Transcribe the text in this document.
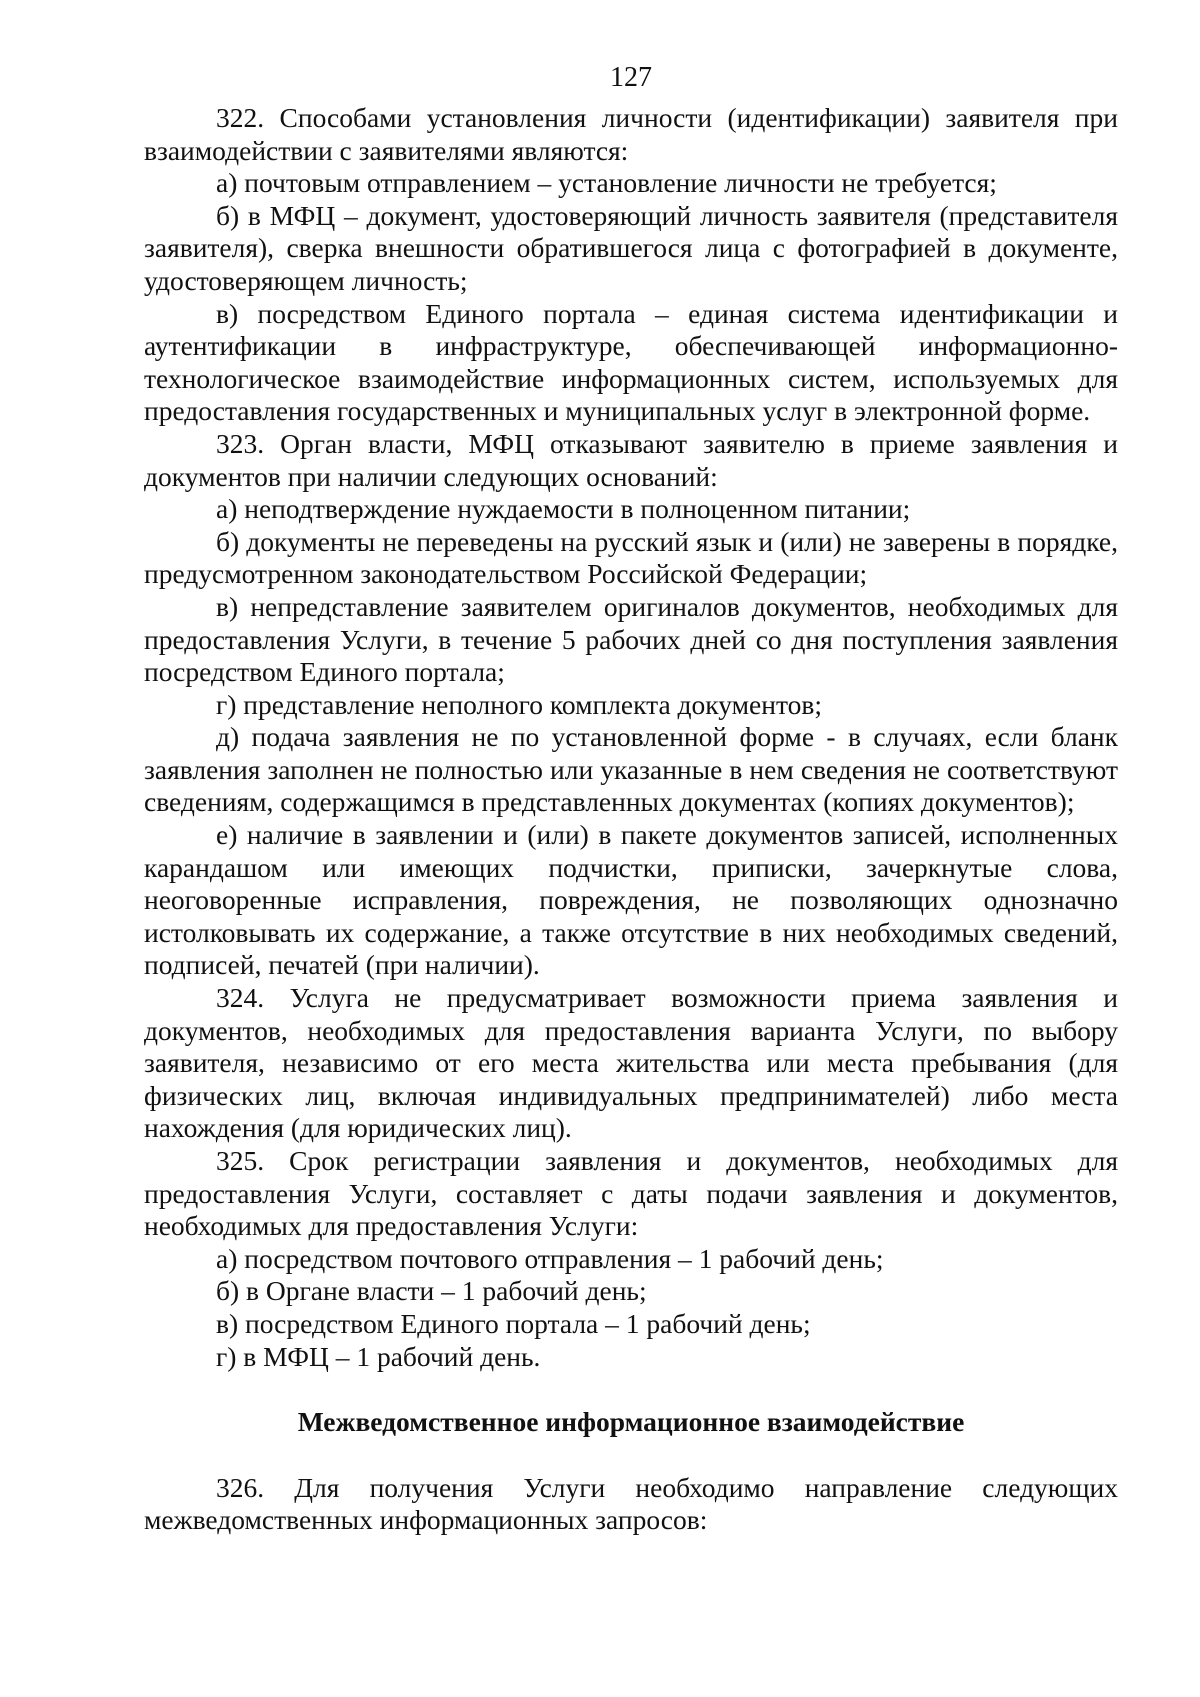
127

322. Способами установления личности (идентификации) заявителя при взаимодействии с заявителями являются:

а) почтовым отправлением – установление личности не требуется;

б) в МФЦ – документ, удостоверяющий личность заявителя (представителя заявителя), сверка внешности обратившегося лица с фотографией в документе, удостоверяющем личность;

в) посредством Единого портала – единая система идентификации и аутентификации в инфраструктуре, обеспечивающей информационно-технологическое взаимодействие информационных систем, используемых для предоставления государственных и муниципальных услуг в электронной форме.

323. Орган власти, МФЦ отказывают заявителю в приеме заявления и документов при наличии следующих оснований:

а) неподтверждение нуждаемости в полноценном питании;

б) документы не переведены на русский язык и (или) не заверены в порядке, предусмотренном законодательством Российской Федерации;

в) непредставление заявителем оригиналов документов, необходимых для предоставления Услуги, в течение 5 рабочих дней со дня поступления заявления посредством Единого портала;

г) представление неполного комплекта документов;

д) подача заявления не по установленной форме - в случаях, если бланк заявления заполнен не полностью или указанные в нем сведения не соответствуют сведениям, содержащимся в представленных документах (копиях документов);

е) наличие в заявлении и (или) в пакете документов записей, исполненных карандашом или имеющих подчистки, приписки, зачеркнутые слова, неоговоренные исправления, повреждения, не позволяющих однозначно истолковывать их содержание, а также отсутствие в них необходимых сведений, подписей, печатей (при наличии).

324. Услуга не предусматривает возможности приема заявления и документов, необходимых для предоставления варианта Услуги, по выбору заявителя, независимо от его места жительства или места пребывания (для физических лиц, включая индивидуальных предпринимателей) либо места нахождения (для юридических лиц).

325. Срок регистрации заявления и документов, необходимых для предоставления Услуги, составляет с даты подачи заявления и документов, необходимых для предоставления Услуги:

а) посредством почтового отправления – 1 рабочий день;

б) в Органе власти – 1 рабочий день;

в) посредством Единого портала – 1 рабочий день;

г) в МФЦ – 1 рабочий день.

Межведомственное информационное взаимодействие

326. Для получения Услуги необходимо направление следующих межведомственных информационных запросов:
